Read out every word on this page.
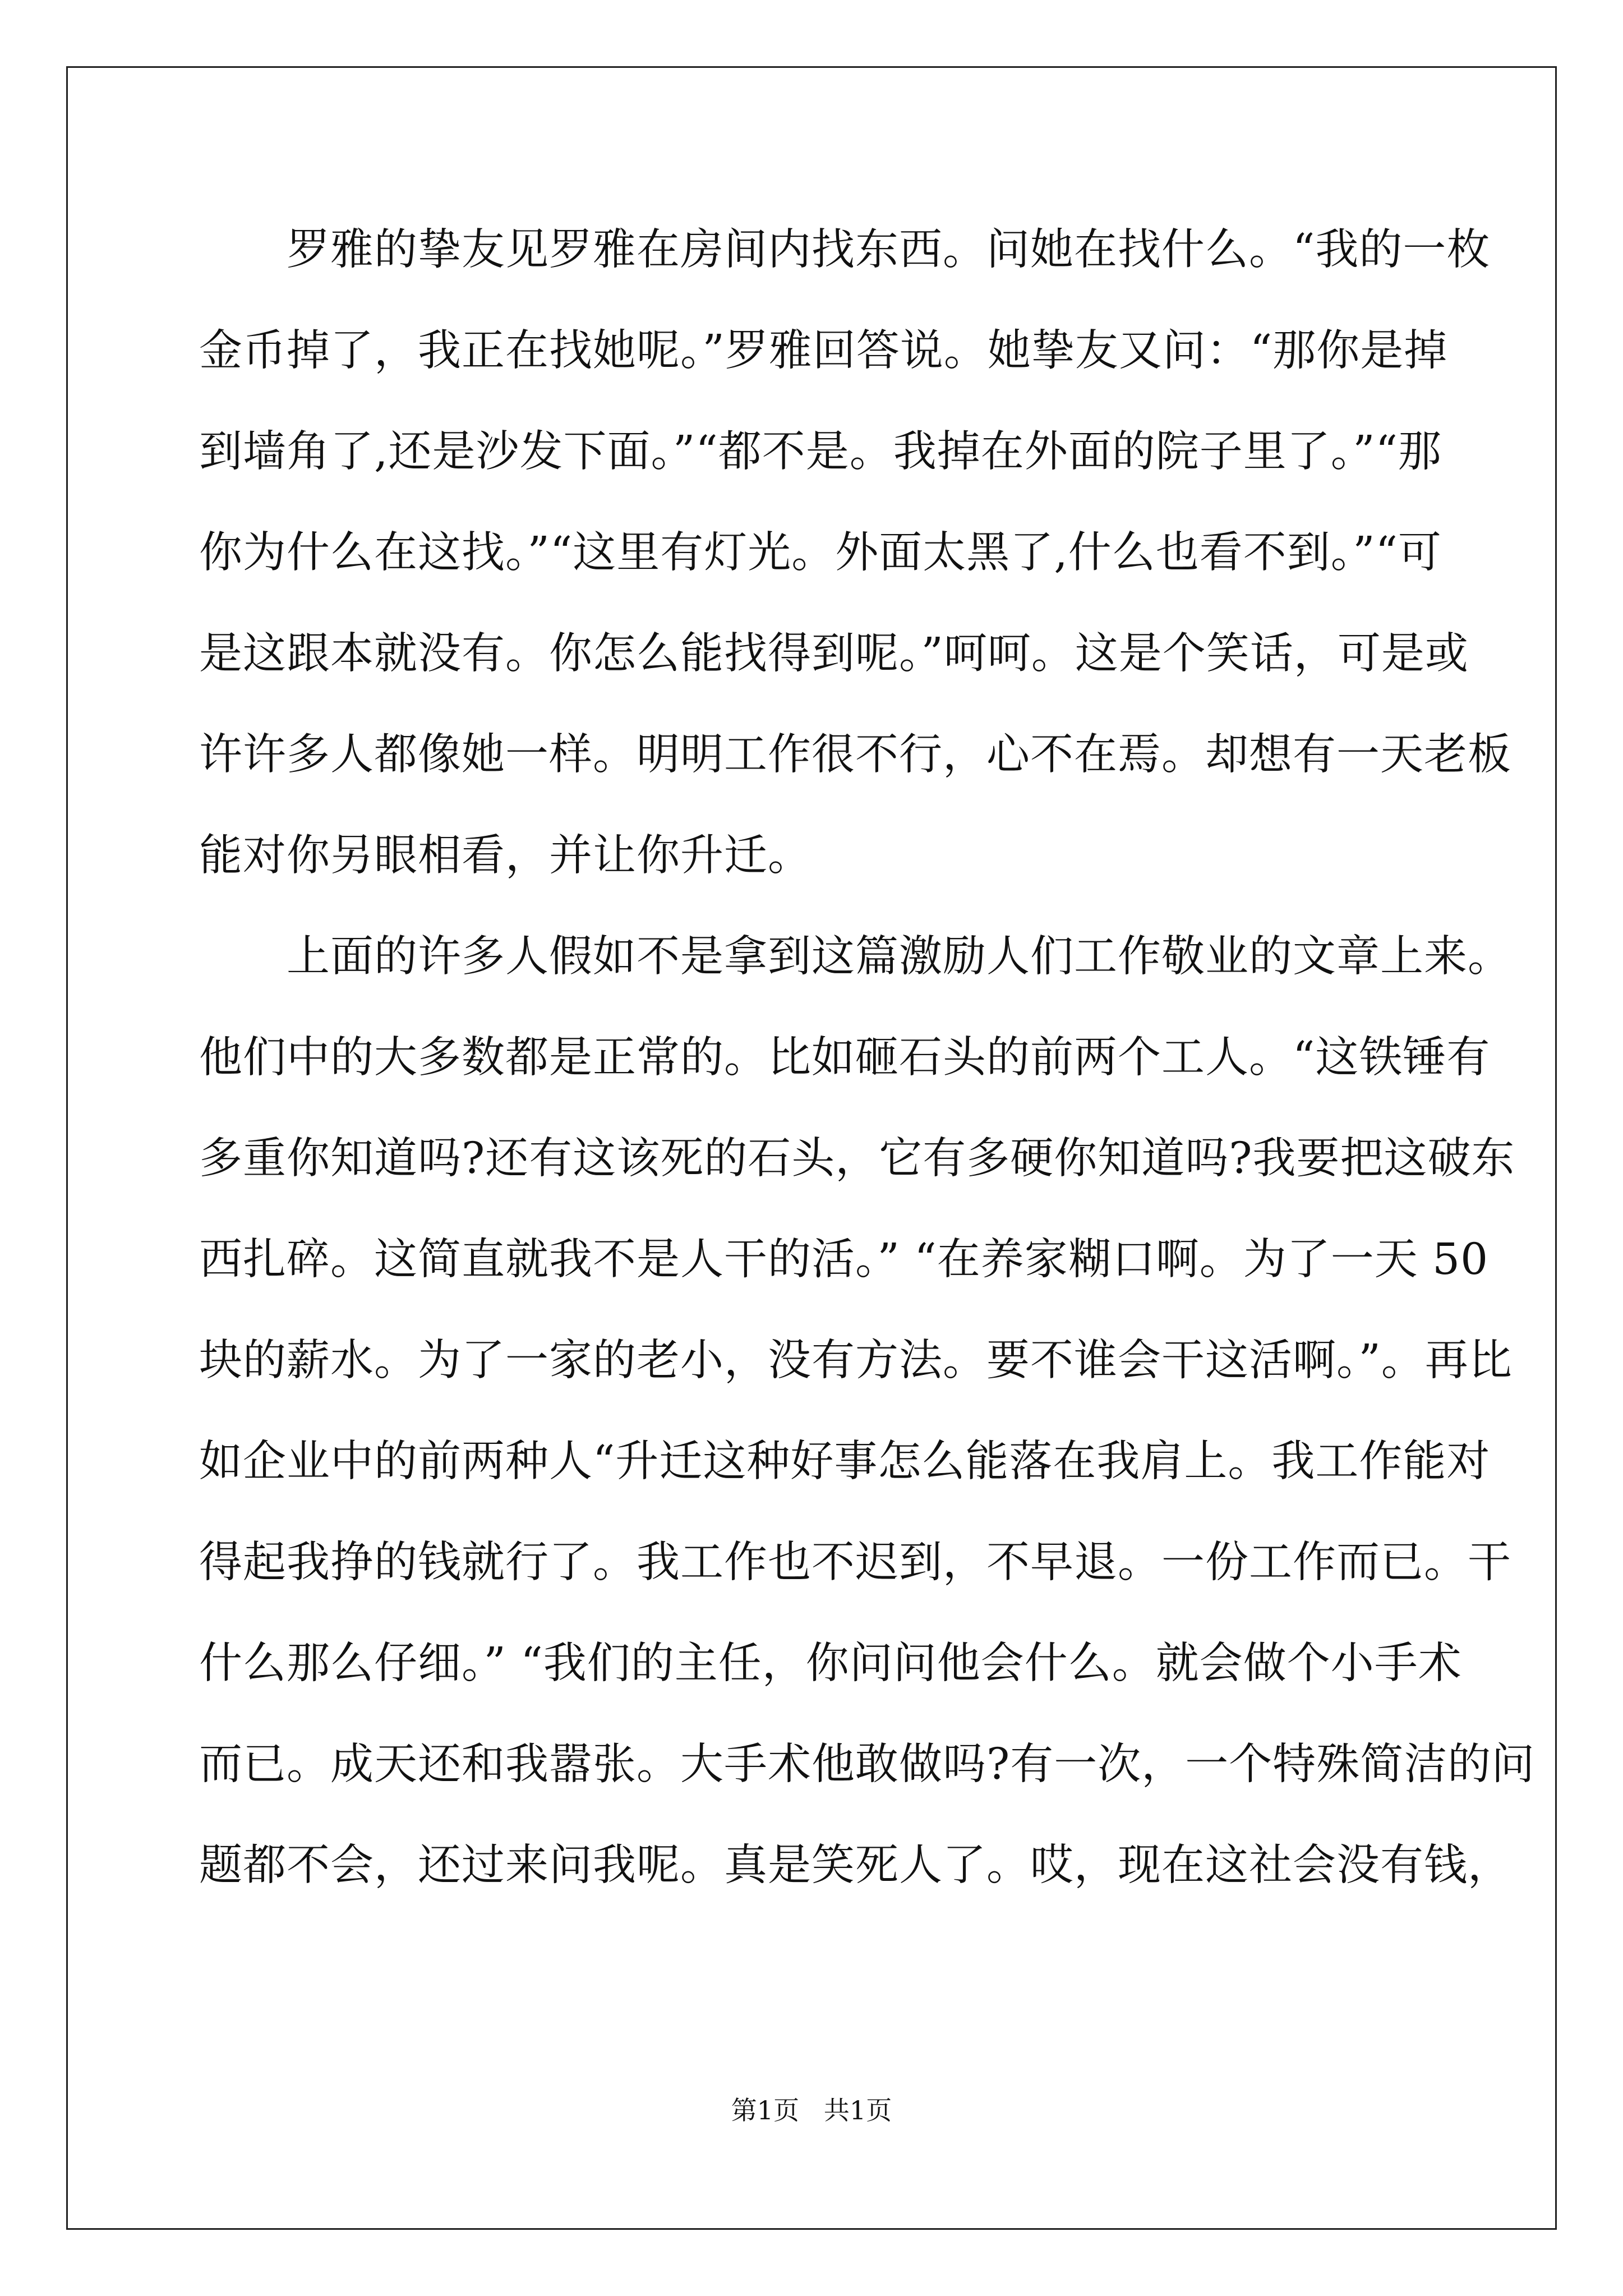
　　罗雅的挚友见罗雅在房间内找东西。问她在找什么。“我的一枚
金币掉了，我正在找她呢。”罗雅回答说。她挚友又问：“那你是掉
到墙角了,还是沙发下面。”“都不是。我掉在外面的院子里了。”“那
你为什么在这找。”“这里有灯光。外面太黑了,什么也看不到。”“可
是这跟本就没有。你怎么能找得到呢。”呵呵。这是个笑话，可是或
许许多人都像她一样。明明工作很不行，心不在焉。却想有一天老板
能对你另眼相看，并让你升迁。
　　上面的许多人假如不是拿到这篇激励人们工作敬业的文章上来。
他们中的大多数都是正常的。比如砸石头的前两个工人。“这铁锤有
多重你知道吗?还有这该死的石头，它有多硬你知道吗?我要把这破东
西扎碎。这简直就我不是人干的活。” “在养家糊口啊。为了一天 50
块的薪水。为了一家的老小，没有方法。要不谁会干这活啊。”。再比
如企业中的前两种人“升迁这种好事怎么能落在我肩上。我工作能对
得起我挣的钱就行了。我工作也不迟到，不早退。一份工作而已。干
什么那么仔细。” “我们的主任，你问问他会什么。就会做个小手术
而已。成天还和我嚣张。大手术他敢做吗?有一次，一个特殊简洁的问
题都不会，还过来问我呢。真是笑死人了。哎，现在这社会没有钱，
第1页   共1页
